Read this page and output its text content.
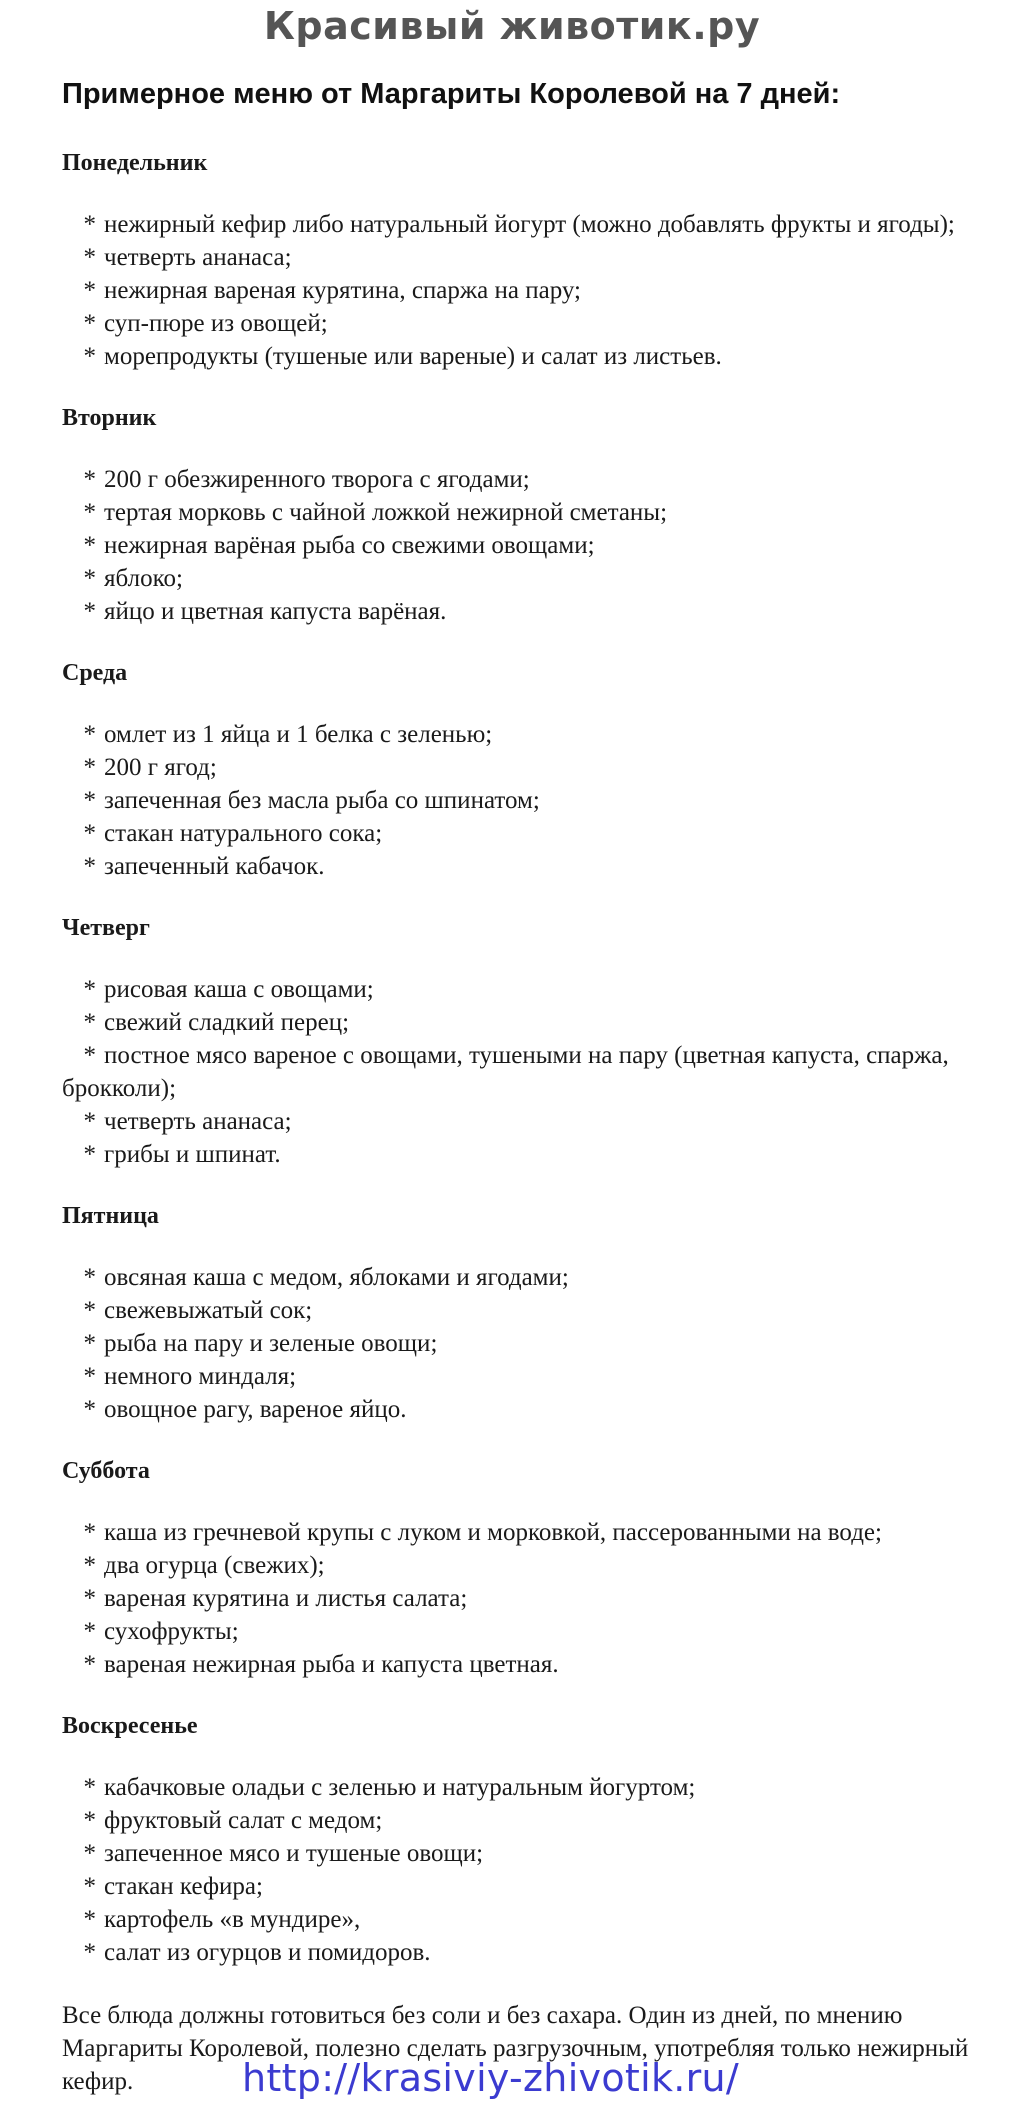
Красивый животик.ру
Примерное меню от Маргариты Королевой на 7 дней:
Понедельник
* нежирный кефир либо натуральный йогурт (можно добавлять фрукты и ягоды);
* четверть ананаса;
* нежирная вареная курятина, спаржа на пару;
* суп-пюре из овощей;
* морепродукты (тушеные или вареные) и салат из листьев.
Вторник
* 200 г обезжиренного творога с ягодами;
* тертая морковь с чайной ложкой нежирной сметаны;
* нежирная варёная рыба со свежими овощами;
* яблоко;
* яйцо и цветная капуста варёная.
Среда
* омлет из 1 яйца и 1 белка с зеленью;
* 200 г ягод;
* запеченная без масла рыба со шпинатом;
* стакан натурального сока;
* запеченный кабачок.
Четверг
* рисовая каша с овощами;
* свежий сладкий перец;
* постное мясо вареное с овощами, тушеными на пару (цветная капуста, спаржа, брокколи);
* четверть ананаса;
* грибы и шпинат.
Пятница
* овсяная каша с медом, яблоками и ягодами;
* свежевыжатый сок;
* рыба на пару и зеленые овощи;
* немного миндаля;
* овощное рагу, вареное яйцо.
Суббота
* каша из гречневой крупы с луком и морковкой, пассерованными на воде;
* два огурца (свежих);
* вареная курятина и листья салата;
* сухофрукты;
* вареная нежирная рыба и капуста цветная.
Воскресенье
* кабачковые оладьи с зеленью и натуральным йогуртом;
* фруктовый салат с медом;
* запеченное мясо и тушеные овощи;
* стакан кефира;
* картофель «в мундире»,
* салат из огурцов и помидоров.

Все блюда должны готовиться без соли и без сахара. Один из дней, по мнению Маргариты Королевой, полезно сделать разгрузочным, употребляя только нежирный кефир.	http://krasiviy-zhivotik.ru/
